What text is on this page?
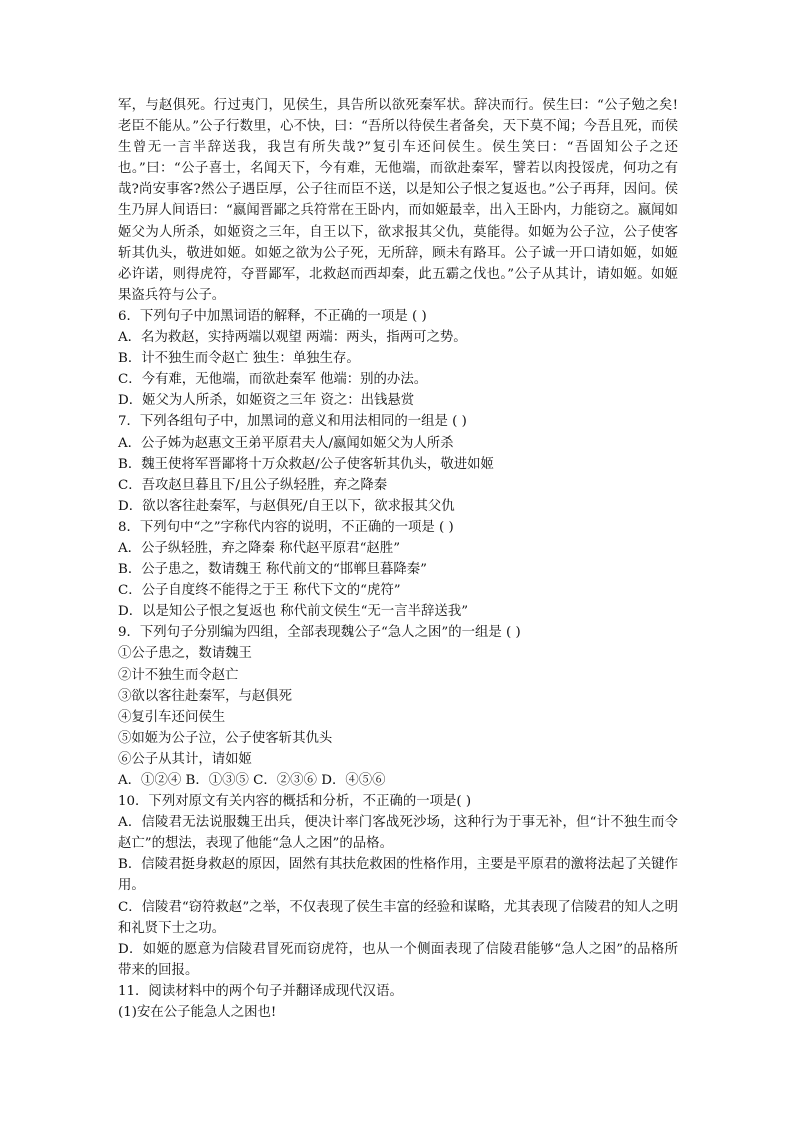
军，与赵俱死。行过夷门，见侯生，具告所以欲死秦军状。辞决而行。侯生曰：“公子勉之矣!老臣不能从。”公子行数里，心不快，曰：“吾所以待侯生者备矣，天下莫不闻；今吾且死，而侯生曾无一言半辞送我，我岂有所失哉?”复引车还问侯生。侯生笑曰：“吾固知公子之还也。”曰：“公子喜士，名闻天下，今有难，无他端，而欲赴秦军，譬若以肉投馁虎，何功之有哉?尚安事客?然公子遇臣厚，公子往而臣不送，以是知公子恨之复返也。”公子再拜，因问。侯生乃屏人间语曰：“嬴闻晋鄙之兵符常在王卧内，而如姬最幸，出入王卧内，力能窃之。嬴闻如姬父为人所杀，如姬资之三年，自王以下，欲求报其父仇，莫能得。如姬为公子泣，公子使客斩其仇头，敬进如姬。如姬之欲为公子死，无所辞，顾未有路耳。公子诚一开口请如姬，如姬必许诺，则得虎符，夺晋鄙军，北救赵而西却秦，此五霸之伐也。”公子从其计，请如姬。如姬果盗兵符与公子。

6．下列句子中加黑词语的解释，不正确的一项是 ( )

A．名为救赵，实持两端以观望 两端：两头，指两可之势。

B．计不独生而令赵亡 独生：单独生存。

C．今有难，无他端，而欲赴秦军 他端：别的办法。

D．姬父为人所杀，如姬资之三年 资之：出钱悬赏

7．下列各组句子中，加黑词的意义和用法相同的一组是 ( )

A．公子姊为赵惠文王弟平原君夫人/嬴闻如姬父为人所杀

B．魏王使将军晋鄙将十万众救赵/公子使客斩其仇头，敬进如姬

C．吾攻赵旦暮且下/且公子纵轻胜，弃之降秦

D．欲以客往赴秦军，与赵俱死/自王以下，欲求报其父仇

8．下列句中“之”字称代内容的说明，不正确的一项是 ( )

A．公子纵轻胜，弃之降秦 称代赵平原君“赵胜”

B．公子患之，数请魏王 称代前文的“邯郸旦暮降秦”

C．公子自度终不能得之于王 称代下文的“虎符”

D．以是知公子恨之复返也 称代前文侯生“无一言半辞送我”

9．下列句子分别编为四组，全部表现魏公子“急人之困”的一组是 ( )

①公子患之，数请魏王

②计不独生而令赵亡

③欲以客往赴秦军，与赵俱死

④复引车还问侯生

⑤如姬为公子泣，公子使客斩其仇头

⑥公子从其计，请如姬

A．①②④ B．①③⑤ C．②③⑥ D．④⑤⑥

10．下列对原文有关内容的概括和分析，不正确的一项是( )

A．信陵君无法说服魏王出兵，便决计率门客战死沙场，这种行为于事无补，但“计不独生而令赵亡”的想法，表现了他能“急人之困”的品格。

B．信陵君挺身救赵的原因，固然有其扶危救困的性格作用，主要是平原君的激将法起了关键作用。

C．信陵君“窃符救赵”之举，不仅表现了侯生丰富的经验和谋略，尤其表现了信陵君的知人之明和礼贤下士之功。

D．如姬的愿意为信陵君冒死而窃虎符，也从一个侧面表现了信陵君能够“急人之困”的品格所带来的回报。

11．阅读材料中的两个句子并翻译成现代汉语。

(1)安在公子能急人之困也!
